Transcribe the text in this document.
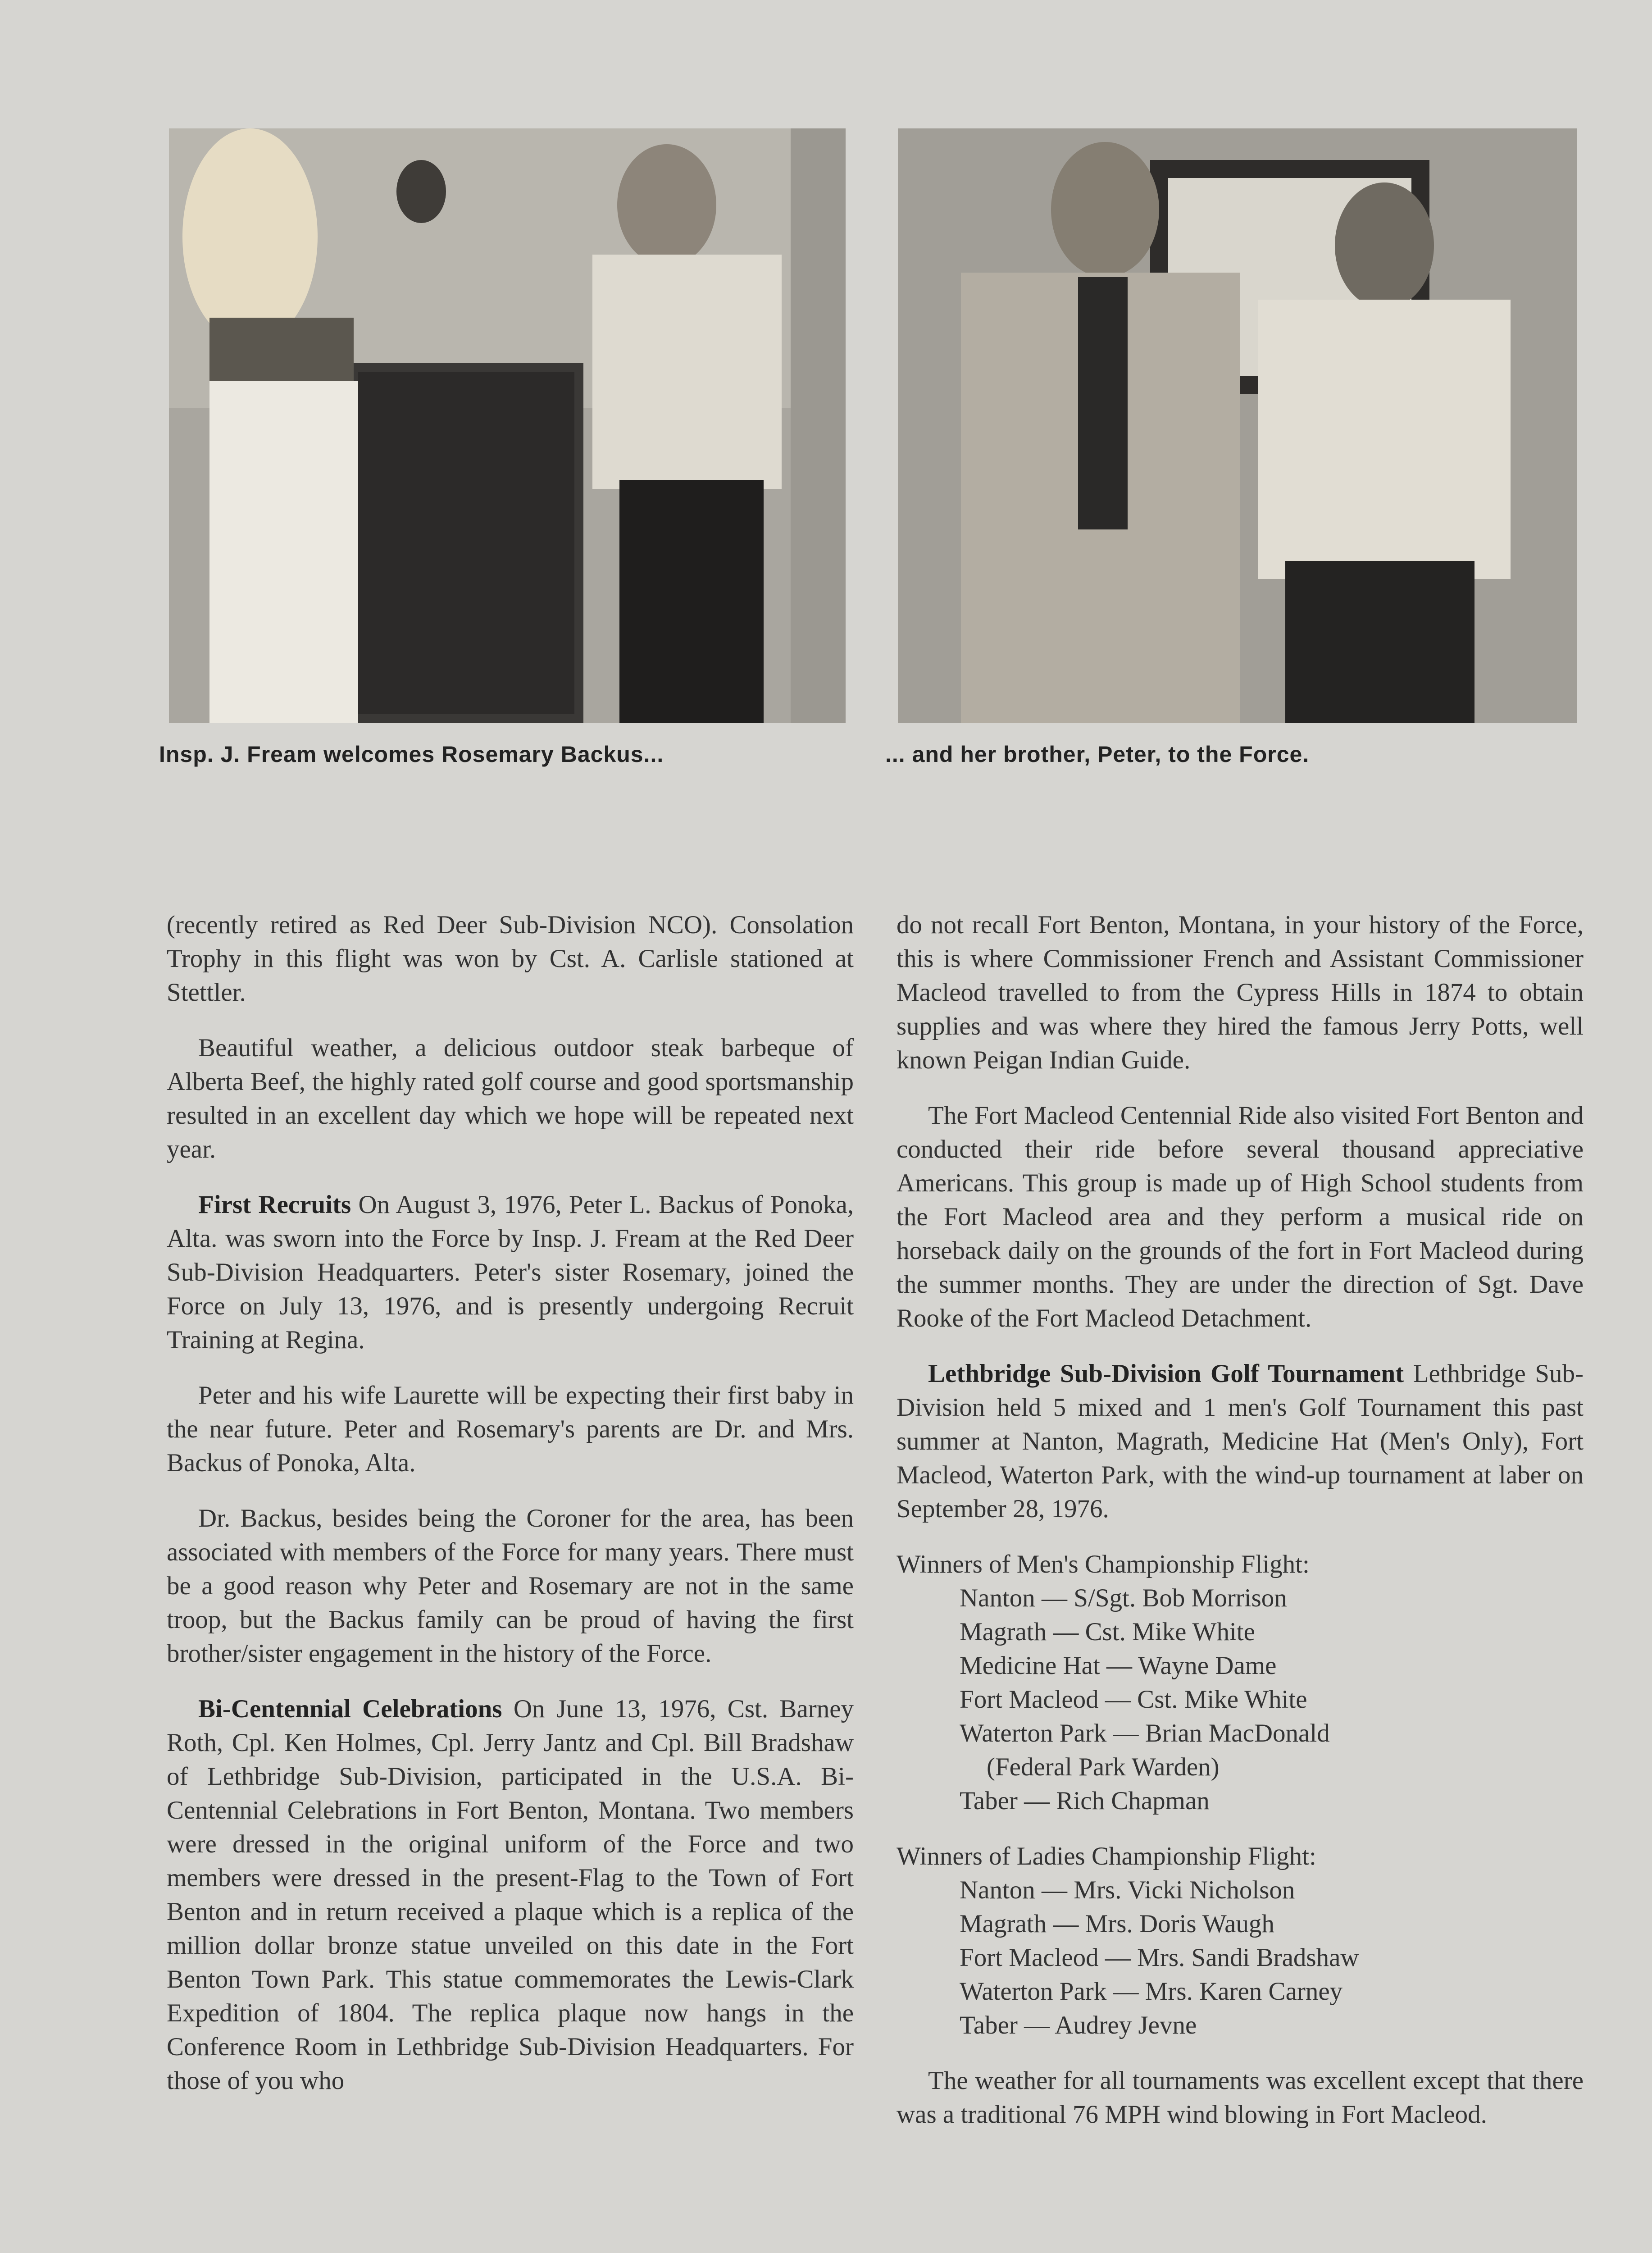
Insp. J. Fream welcomes Rosemary Backus...	... and her brother, Peter, to the Force.

(recently retired as Red Deer Sub-Division NCO). Consolation Trophy in this flight was won by Cst. A. Carlisle stationed at Stettler.

Beautiful weather, a delicious outdoor steak barbeque of Alberta Beef, the highly rated golf course and good sportsmanship resulted in an excellent day which we hope will be repeated next year.

First Recruits On August 3, 1976, Peter L. Backus of Ponoka, Alta. was sworn into the Force by Insp. J. Fream at the Red Deer Sub-Division Headquarters. Peter's sister Rosemary, joined the Force on July 13, 1976, and is presently undergoing Recruit Training at Regina.

Peter and his wife Laurette will be expecting their first baby in the near future. Peter and Rosemary's parents are Dr. and Mrs. Backus of Ponoka, Alta.

Dr. Backus, besides being the Coroner for the area, has been associated with members of the Force for many years. There must be a good reason why Peter and Rosemary are not in the same troop, but the Backus family can be proud of having the first brother/sister engagement in the history of the Force.

Bi-Centennial Celebrations On June 13, 1976, Cst. Barney Roth, Cpl. Ken Holmes, Cpl. Jerry Jantz and Cpl. Bill Bradshaw of Lethbridge Sub-Division, participated in the U.S.A. Bi-Centennial Celebrations in Fort Benton, Montana. Two members were dressed in the original uniform of the Force and two members were dressed in the present-Flag to the Town of Fort Benton and in return received a plaque which is a replica of the million dollar bronze statue unveiled on this date in the Fort Benton Town Park. This statue commemorates the Lewis-Clark Expedition of 1804. The replica plaque now hangs in the Conference Room in Lethbridge Sub-Division Headquarters. For those of you who

do not recall Fort Benton, Montana, in your history of the Force, this is where Commissioner French and Assistant Commissioner Macleod travelled to from the Cypress Hills in 1874 to obtain supplies and was where they hired the famous Jerry Potts, well known Peigan Indian Guide.

The Fort Macleod Centennial Ride also visited Fort Benton and conducted their ride before several thousand appreciative Americans. This group is made up of High School students from the Fort Macleod area and they perform a musical ride on horseback daily on the grounds of the fort in Fort Macleod during the summer months. They are under the direction of Sgt. Dave Rooke of the Fort Macleod Detachment.

Lethbridge Sub-Division Golf Tournament Lethbridge Sub-Division held 5 mixed and 1 men's Golf Tournament this past summer at Nanton, Magrath, Medicine Hat (Men's Only), Fort Macleod, Waterton Park, with the wind-up tournament at laber on September 28, 1976.

Winners of Men's Championship Flight:
Nanton — S/Sgt. Bob Morrison
Magrath — Cst. Mike White
Medicine Hat — Wayne Dame
Fort Macleod — Cst. Mike White
Waterton Park — Brian MacDonald
(Federal Park Warden)
Taber — Rich Chapman
Winners of Ladies Championship Flight:
Nanton — Mrs. Vicki Nicholson
Magrath — Mrs. Doris Waugh
Fort Macleod — Mrs. Sandi Bradshaw
Waterton Park — Mrs. Karen Carney
Taber — Audrey Jevne

The weather for all tournaments was excellent except that there was a traditional 76 MPH wind blowing in Fort Macleod.
